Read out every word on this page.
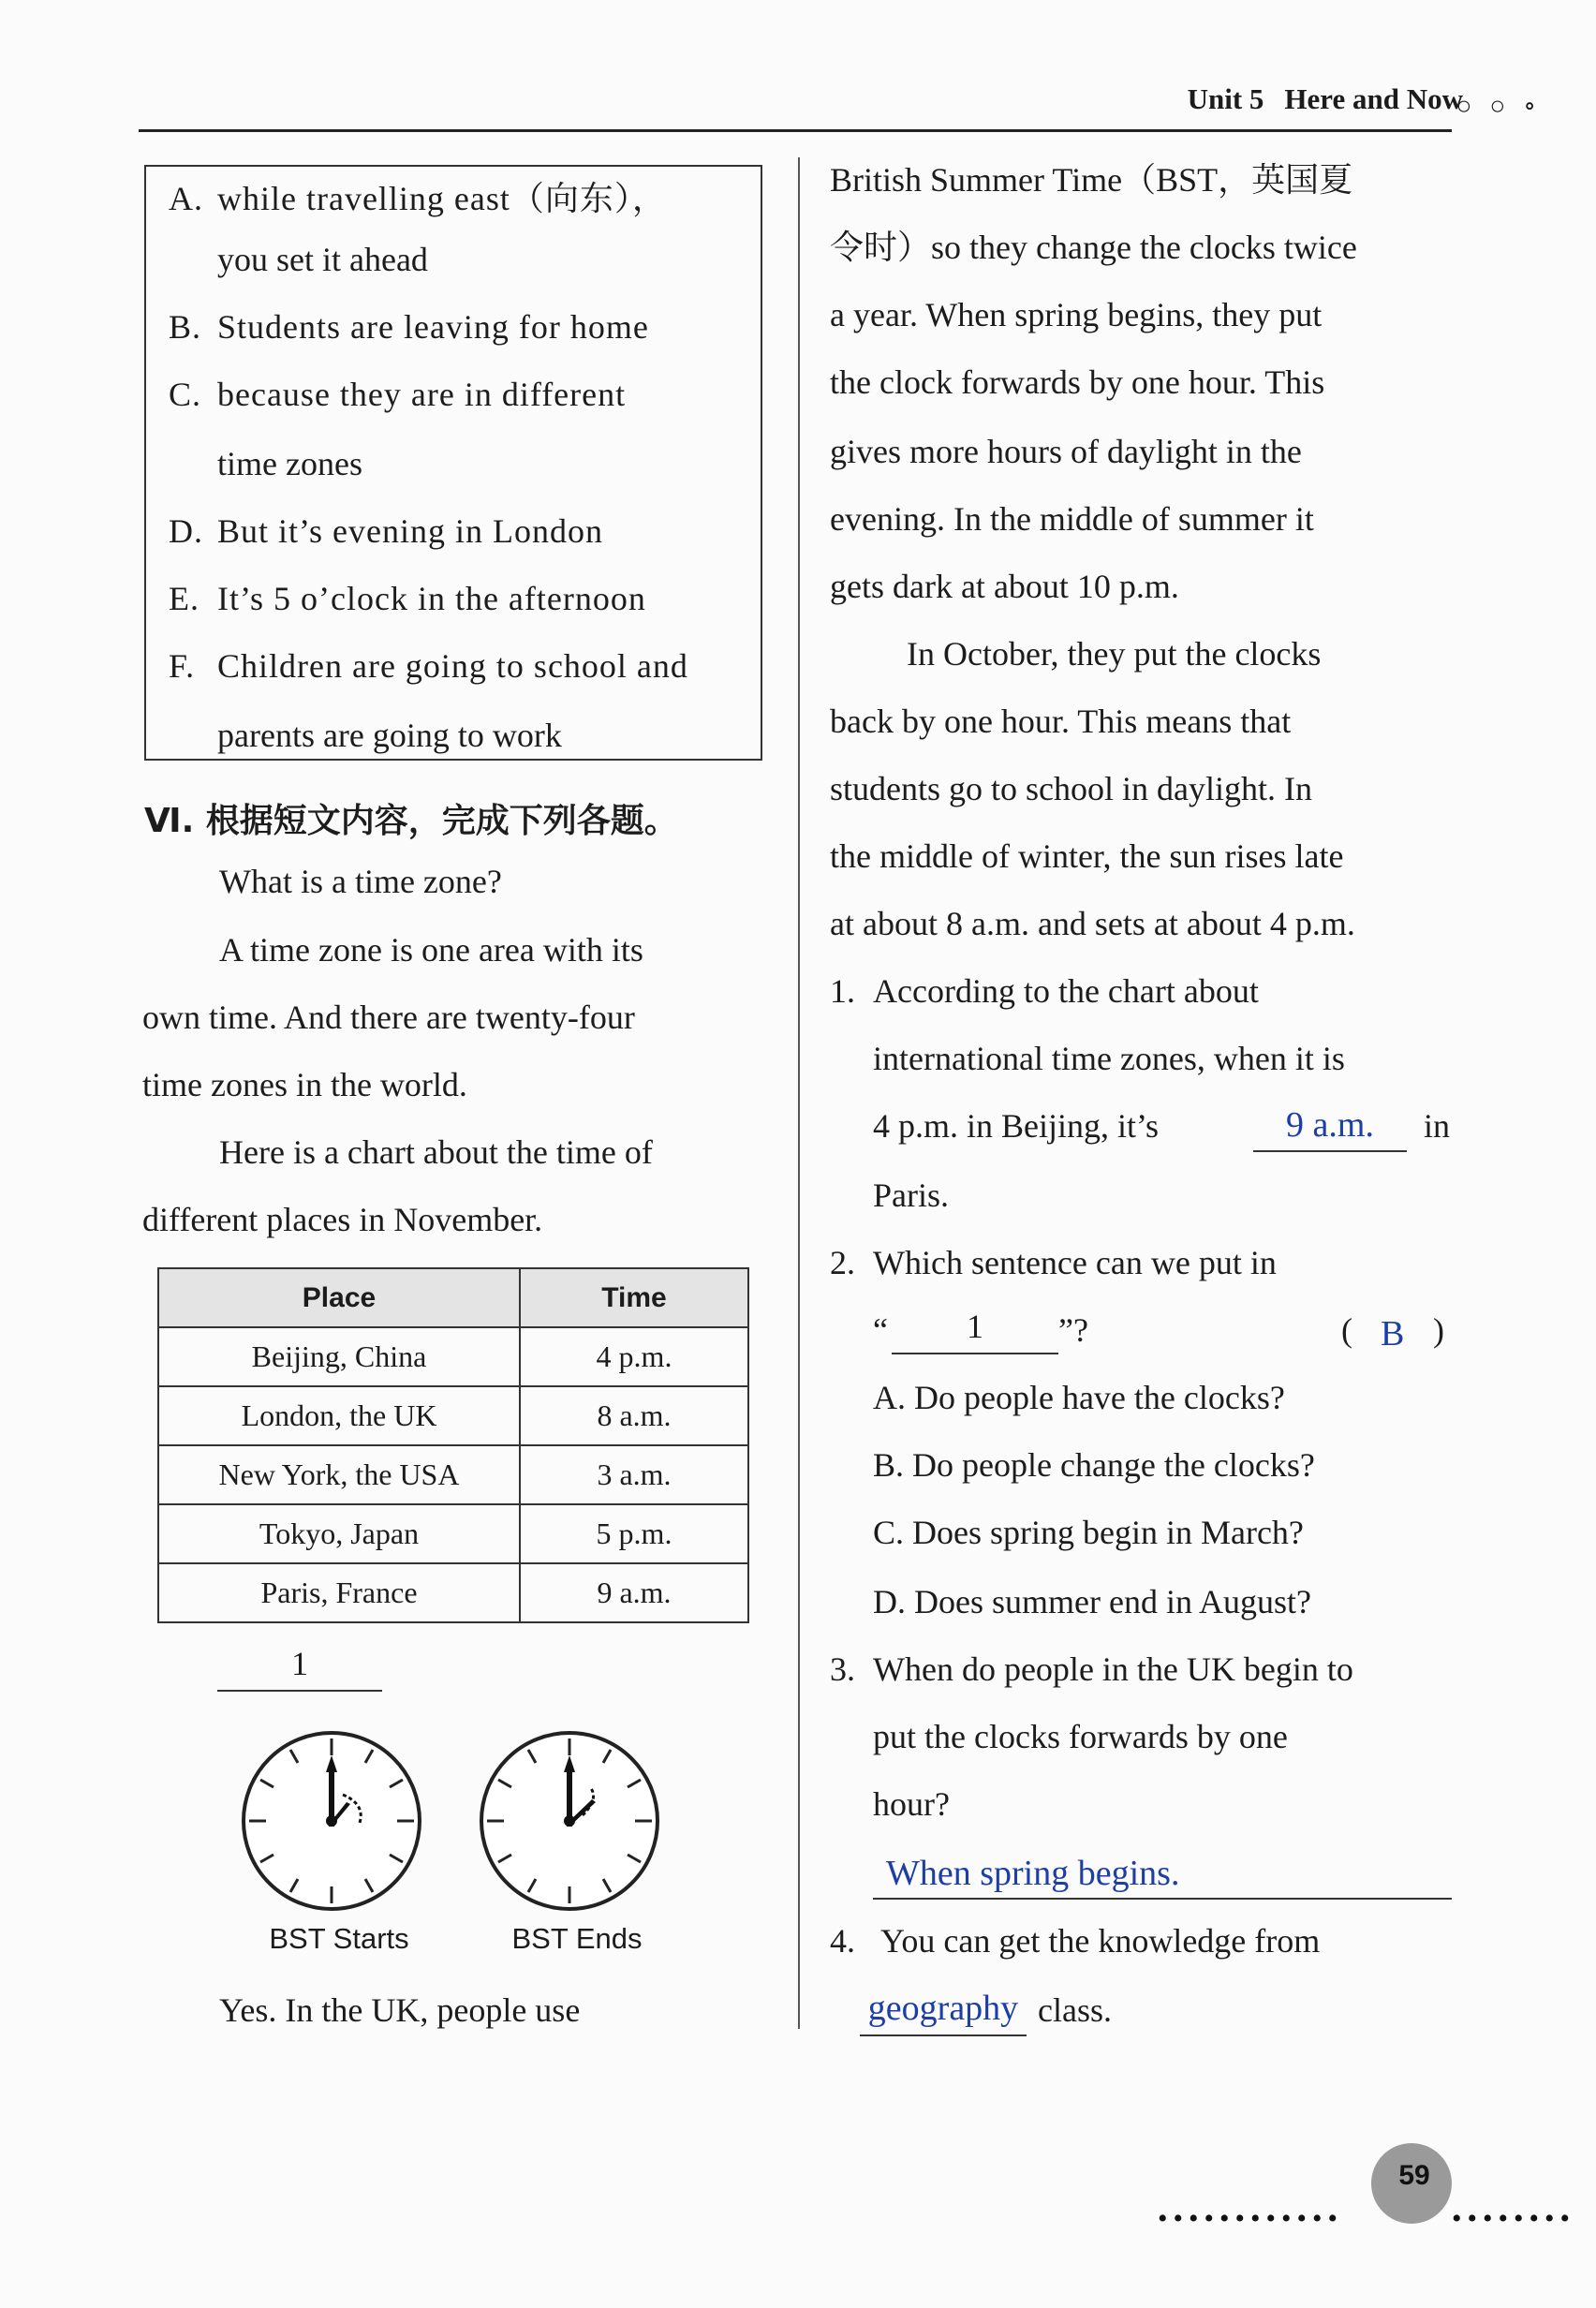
Unit 5 Here and Now
○ ○ ∘
A. while travelling east（向东），
you set it ahead
B. Students are leaving for home
C. because they are in different
time zones
D. But it’s evening in London
E. It’s 5 o’clock in the afternoon
F. Children are going to school and
parents are going to work
Ⅵ. 根据短文内容，完成下列各题。
What is a time zone?
A time zone is one area with its
own time. And there are twenty-four
time zones in the world.
Here is a chart about the time of
different places in November.
Place	Time
Beijing, China	4 p.m.
London, the UK	8 a.m.
New York, the USA	3 a.m.
Tokyo, Japan	5 p.m.
Paris, France	9 a.m.
1
BST Starts	BST Ends
Yes. In the UK, people use
British Summer Time（BST，英国夏
令时）so they change the clocks twice
a year. When spring begins, they put
the clock forwards by one hour. This
gives more hours of daylight in the
evening. In the middle of summer it
gets dark at about 10 p.m.
In October, they put the clocks
back by one hour. This means that
students go to school in daylight. In
the middle of winter, the sun rises late
at about 8 a.m. and sets at about 4 p.m.
1. According to the chart about
international time zones, when it is
4 p.m. in Beijing, it’s	9 a.m.	in
Paris.
2. Which sentence can we put in
“	1	”?	( B )
A. Do people have the clocks?
B. Do people change the clocks?
C. Does spring begin in March?
D. Does summer end in August?
3. When do people in the UK begin to
put the clocks forwards by one
hour?
When spring begins.
4. You can get the knowledge from
geography class.
••••••••••••
59
••••••••
